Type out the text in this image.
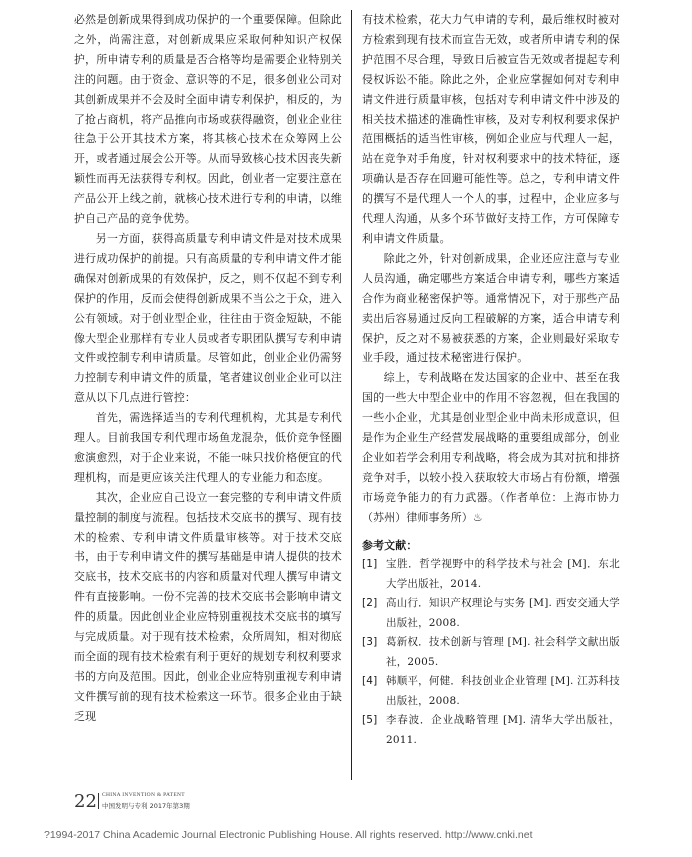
必然是创新成果得到成功保护的一个重要保障。但除此之外，尚需注意，对创新成果应采取何种知识产权保护，所申请专利的质量是否合格等均是需要企业特别关注的问题。由于资金、意识等的不足，很多创业公司对其创新成果并不会及时全面申请专利保护，相反的，为了抢占商机，将产品推向市场或获得融资，创业企业往往急于公开其技术方案，将其核心技术在众筹网上公开，或者通过展会公开等。从而导致核心技术因丧失新颖性而再无法获得专利权。因此，创业者一定要注意在产品公开上线之前，就核心技术进行专利的申请，以维护自己产品的竞争优势。

另一方面，获得高质量专利申请文件是对技术成果进行成功保护的前提。只有高质量的专利申请文件才能确保对创新成果的有效保护，反之，则不仅起不到专利保护的作用，反而会使得创新成果不当公之于众，进入公有领域。对于创业型企业，往往由于资金短缺，不能像大型企业那样有专业人员或者专职团队撰写专利申请文件或控制专利申请质量。尽管如此，创业企业仍需努力控制专利申请文件的质量，笔者建议创业企业可以注意从以下几点进行管控：

首先，需选择适当的专利代理机构，尤其是专利代理人。目前我国专利代理市场鱼龙混杂，低价竞争怪圈愈演愈烈，对于企业来说，不能一味只找价格便宜的代理机构，而是更应该关注代理人的专业能力和态度。

其次，企业应自己设立一套完整的专利申请文件质量控制的制度与流程。包括技术交底书的撰写、现有技术的检索、专利申请文件质量审核等。对于技术交底书，由于专利申请文件的撰写基础是申请人提供的技术交底书，技术交底书的内容和质量对代理人撰写申请文件有直接影响。一份不完善的技术交底书会影响申请文件的质量。因此创业企业应特别重视技术交底书的填写与完成质量。对于现有技术检索，众所周知，相对彻底而全面的现有技术检索有利于更好的规划专利权利要求书的方向及范围。因此，创业企业应特别重视专利申请文件撰写前的现有技术检索这一环节。很多企业由于缺乏现

有技术检索，花大力气申请的专利，最后维权时被对方检索到现有技术而宣告无效，或者所申请专利的保护范围不尽合理，导致日后被宣告无效或者提起专利侵权诉讼不能。除此之外，企业应掌握如何对专利申请文件进行质量审核，包括对专利申请文件中涉及的相关技术描述的准确性审核，及对专利权利要求保护范围概括的适当性审核，例如企业应与代理人一起，站在竞争对手角度，针对权利要求中的技术特征，逐项确认是否存在回避可能性等。总之，专利申请文件的撰写不是代理人一个人的事，过程中，企业应多与代理人沟通，从多个环节做好支持工作，方可保障专利申请文件质量。

除此之外，针对创新成果，企业还应注意与专业人员沟通，确定哪些方案适合申请专利，哪些方案适合作为商业秘密保护等。通常情况下，对于那些产品卖出后容易通过反向工程破解的方案，适合申请专利保护，反之对不易被获悉的方案，企业则最好采取专业手段，通过技术秘密进行保护。

综上，专利战略在发达国家的企业中、甚至在我国的一些大中型企业中的作用不容忽视，但在我国的一些小企业，尤其是创业型企业中尚未形成意识，但是作为企业生产经营发展战略的重要组成部分，创业企业如若学会利用专利战略，将会成为其对抗和排挤竞争对手，以较小投入获取较大市场占有份额，增强市场竞争能力的有力武器。（作者单位：上海市协力（苏州）律师事务所）♨

参考文献：

[1] 宝胜．哲学视野中的科学技术与社会 [M]．东北大学出版社，2014.
[2] 高山行．知识产权理论与实务 [M]. 西安交通大学出版社，2008.
[3] 葛新权．技术创新与管理 [M]. 社会科学文献出版社，2005.
[4] 韩顺平，何健．科技创业企业管理 [M]. 江苏科技出版社，2008.
[5] 李春波．企业战略管理 [M]. 清华大学出版社，2011.
22 CHINA INVENTION & PATENT
中国发明与专利 2017年第3期
?1994-2017 China Academic Journal Electronic Publishing House. All rights reserved. http://www.cnki.net
